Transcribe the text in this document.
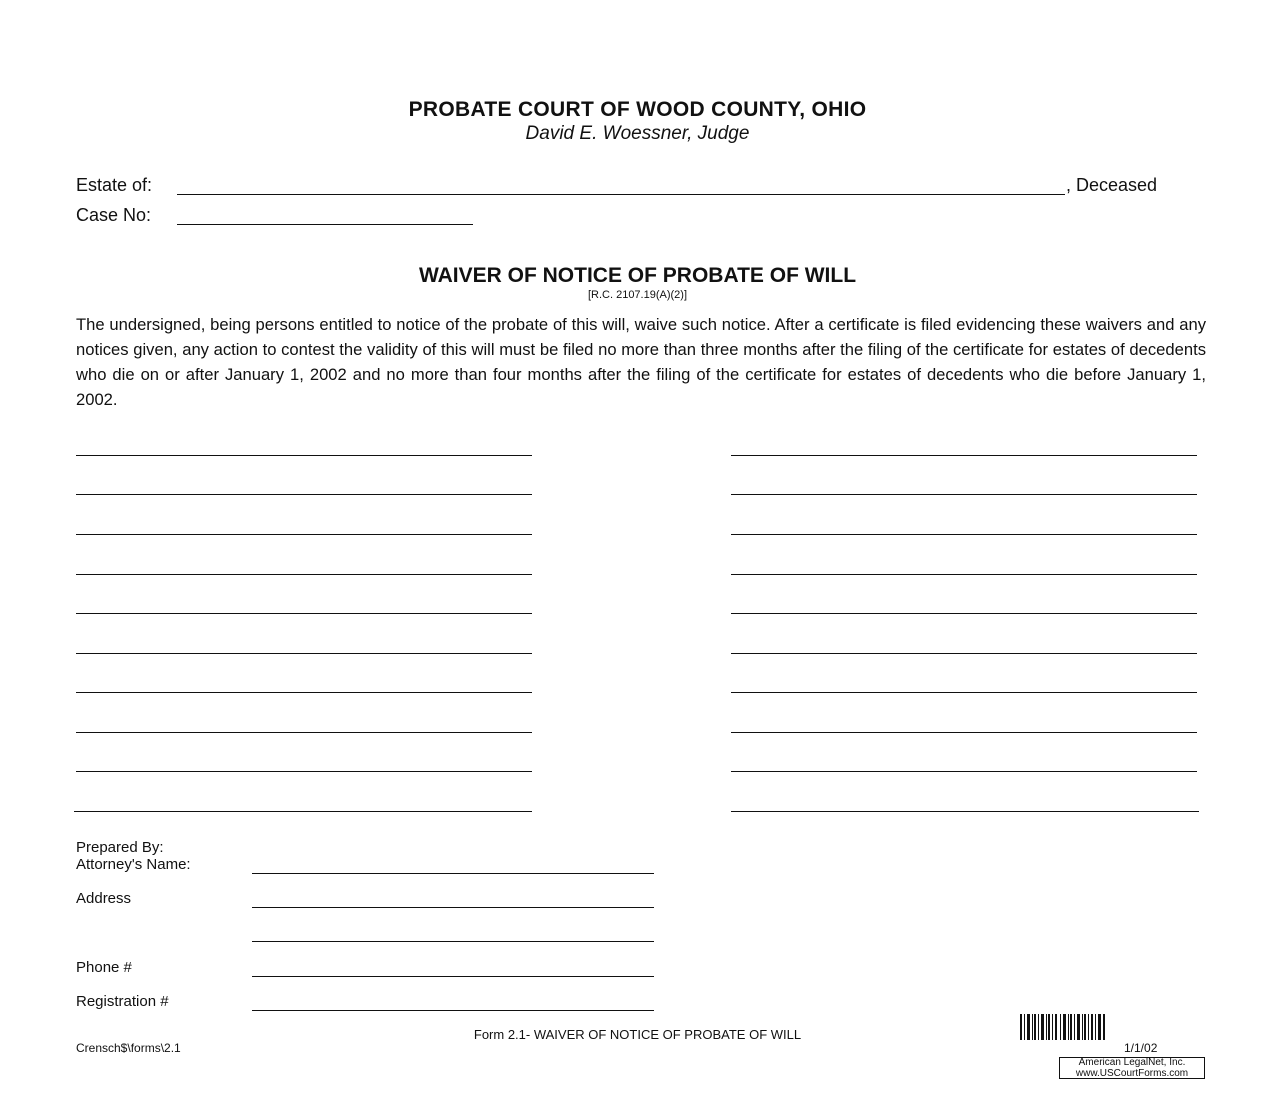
PROBATE COURT OF WOOD COUNTY, OHIO
David E. Woessner, Judge
Estate of:	, Deceased
Case No:
WAIVER OF NOTICE OF PROBATE OF WILL
[R.C. 2107.19(A)(2)]
The undersigned, being persons entitled to notice of the probate of this will, waive such notice. After a certificate is filed evidencing these waivers and any notices given, any action to contest the validity of this will must be filed no more than three months after the filing of the certificate for estates of decedents who die on or after January 1, 2002 and no more than four months after the filing of the certificate for estates of decedents who die before January 1, 2002.
Prepared By:
Attorney's Name:
Address
Phone #
Registration #
Form 2.1- WAIVER OF NOTICE OF PROBATE OF WILL
Crensch$\forms\2.1	1/1/02
American LegalNet, Inc.
www.USCourtForms.com
